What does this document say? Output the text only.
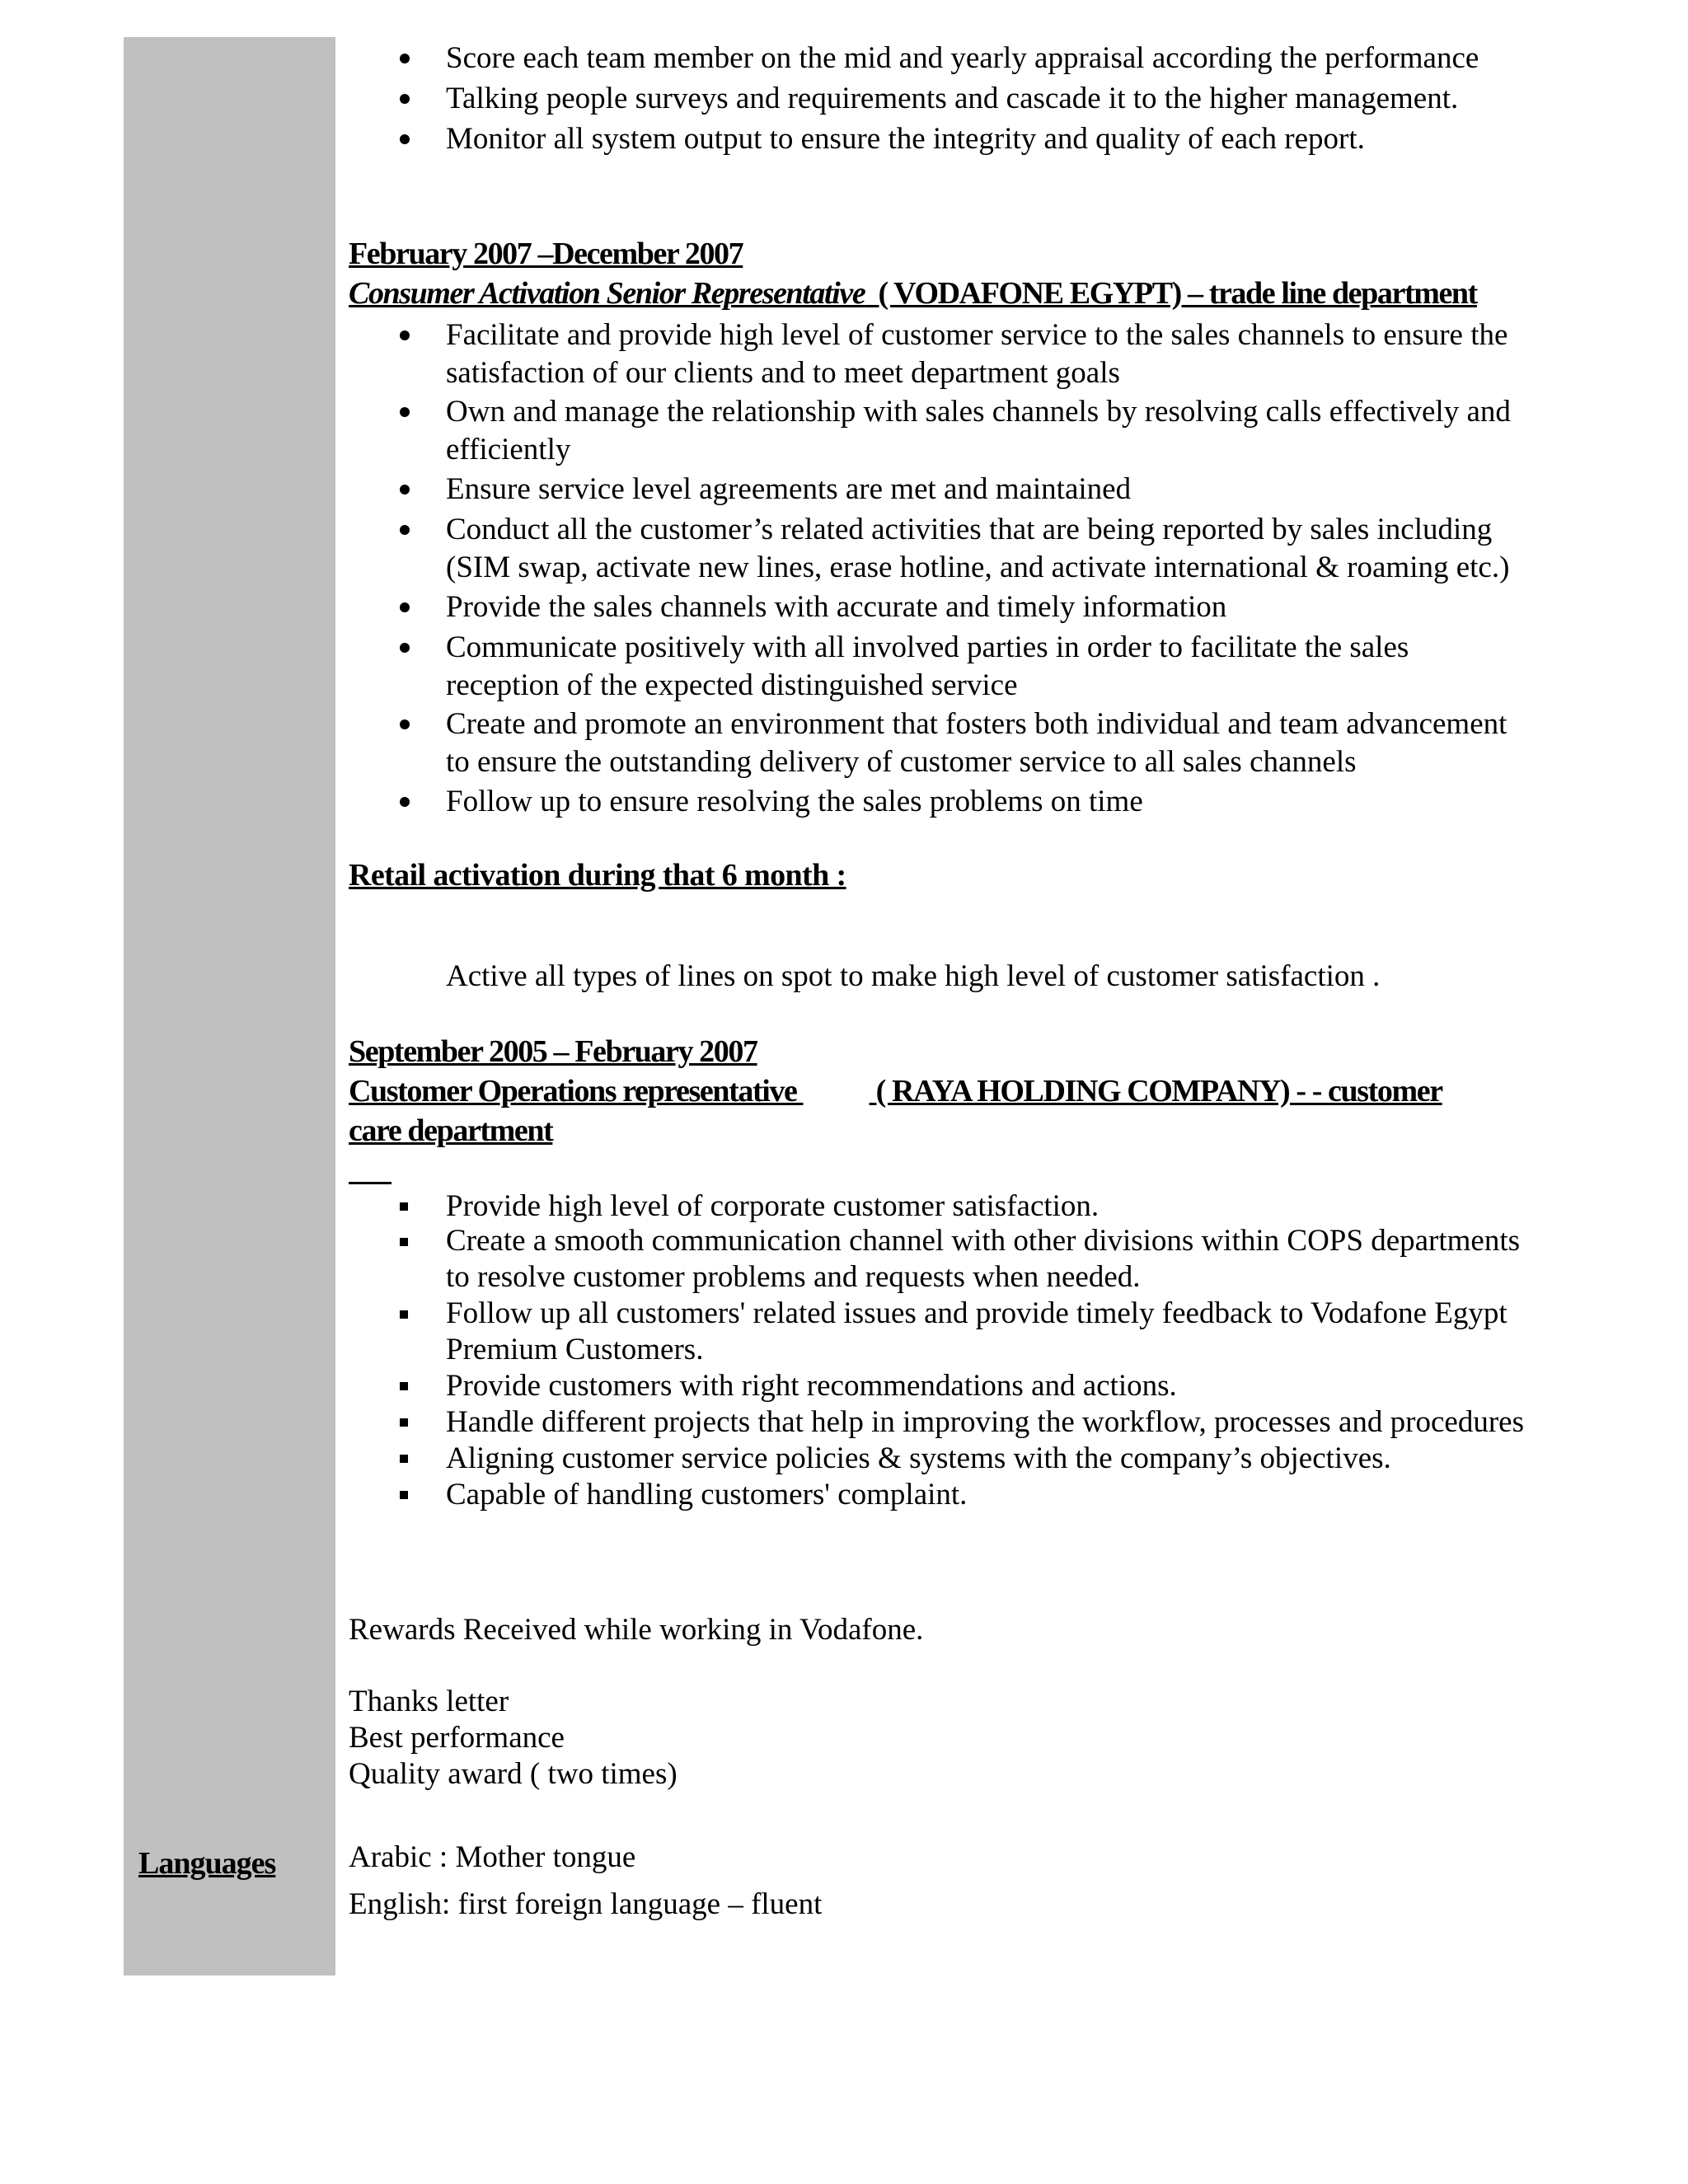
Languages
Score each team member on the mid and yearly appraisal according the performance
Talking people surveys and requirements and cascade it to the higher management.
Monitor all system output to ensure the integrity and quality of each report.
February 2007 –December 2007
Consumer Activation Senior Representative ( VODAFONE EGYPT) – trade line department
Facilitate and provide high level of customer service to the sales channels to ensure the
satisfaction of our clients and to meet department goals
Own and manage the relationship with sales channels by resolving calls effectively and
efficiently
Ensure service level agreements are met and maintained
Conduct all the customer’s related activities that are being reported by sales including
(SIM swap, activate new lines, erase hotline, and activate international & roaming etc.)
Provide the sales channels with accurate and timely information
Communicate positively with all involved parties in order to facilitate the sales
reception of the expected distinguished service
Create and promote an environment that fosters both individual and team advancement
to ensure the outstanding delivery of customer service to all sales channels
Follow up to ensure resolving the sales problems on time
Retail activation during that 6 month :
Active all types of lines on spot to make high level of customer satisfaction .
September 2005 – February 2007
Customer Operations representative	( RAYA HOLDING COMPANY) - - customer
care department
Provide high level of corporate customer satisfaction.
Create a smooth communication channel with other divisions within COPS departments
to resolve customer problems and requests when needed.
Follow up all customers' related issues and provide timely feedback to Vodafone Egypt
Premium Customers.
Provide customers with right recommendations and actions.
Handle different projects that help in improving the workflow, processes and procedures
Aligning customer service policies & systems with the company’s objectives.
Capable of handling customers' complaint.
Rewards Received while working in Vodafone.
Thanks letter
Best performance
Quality award ( two times)
Arabic : Mother tongue
English: first foreign language – fluent
